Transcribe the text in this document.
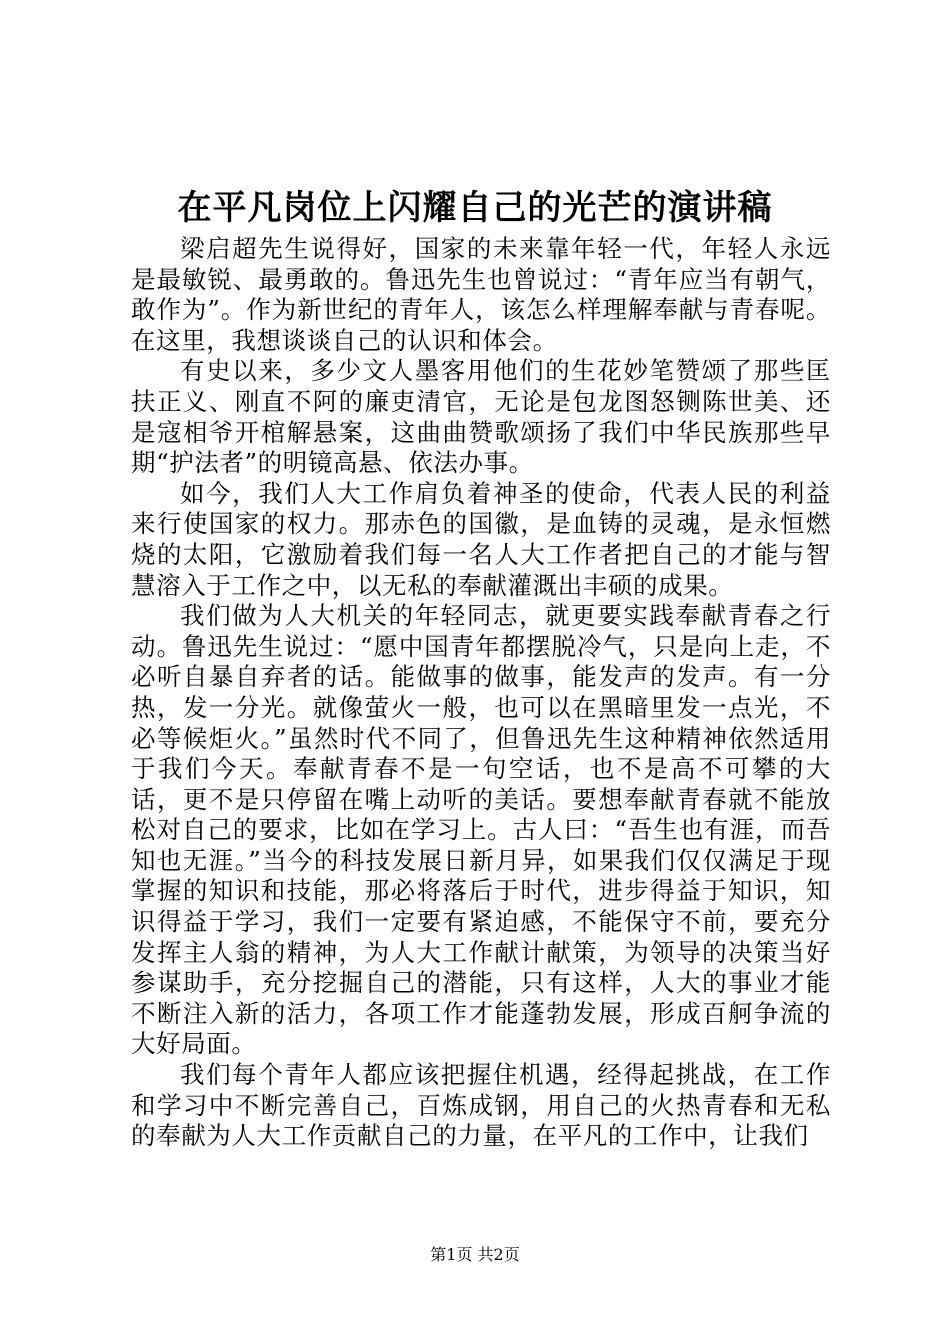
在平凡岗位上闪耀自己的光芒的演讲稿

梁启超先生说得好，国家的未来靠年轻一代，年轻人永远是最敏锐、最勇敢的。鲁迅先生也曾说过：“青年应当有朝气，敢作为”。作为新世纪的青年人，该怎么样理解奉献与青春呢。在这里，我想谈谈自己的认识和体会。

有史以来，多少文人墨客用他们的生花妙笔赞颂了那些匡扶正义、刚直不阿的廉吏清官，无论是包龙图怒铡陈世美、还是寇相爷开棺解悬案，这曲曲赞歌颂扬了我们中华民族那些早期“护法者”的明镜高悬、依法办事。

如今，我们人大工作肩负着神圣的使命，代表人民的利益来行使国家的权力。那赤色的国徽，是血铸的灵魂，是永恒燃烧的太阳，它激励着我们每一名人大工作者把自己的才能与智慧溶入于工作之中，以无私的奉献灌溉出丰硕的成果。

我们做为人大机关的年轻同志，就更要实践奉献青春之行动。鲁迅先生说过：“愿中国青年都摆脱冷气，只是向上走，不必听自暴自弃者的话。能做事的做事，能发声的发声。有一分热，发一分光。就像萤火一般，也可以在黑暗里发一点光，不必等候炬火。”虽然时代不同了，但鲁迅先生这种精神依然适用于我们今天。奉献青春不是一句空话，也不是高不可攀的大话，更不是只停留在嘴上动听的美话。要想奉献青春就不能放松对自己的要求，比如在学习上。古人曰：“吾生也有涯，而吾知也无涯。”当今的科技发展日新月异，如果我们仅仅满足于现掌握的知识和技能，那必将落后于时代，进步得益于知识，知识得益于学习，我们一定要有紧迫感，不能保守不前，要充分发挥主人翁的精神，为人大工作献计献策，为领导的决策当好参谋助手，充分挖掘自己的潜能，只有这样，人大的事业才能不断注入新的活力，各项工作才能蓬勃发展，形成百舸争流的大好局面。

我们每个青年人都应该把握住机遇，经得起挑战，在工作和学习中不断完善自己，百炼成钢，用自己的火热青春和无私的奉献为人大工作贡献自己的力量，在平凡的工作中，让我们

第1页 共2页
